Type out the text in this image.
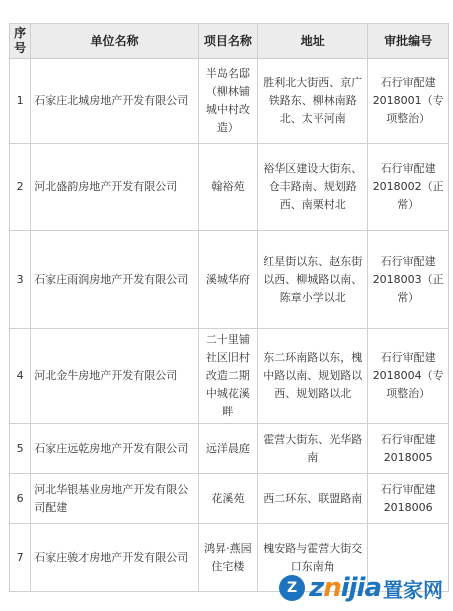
序号	单位名称	项目名称	地址	审批编号
1	石家庄北城房地产开发有限公司	半岛名邸（柳林铺城中村改造）	胜利北大街西、京广铁路东、柳林南路北、太平河南	石行审配建2018001（专项整治）
2	河北盛韵房地产开发有限公司	翰裕苑	裕华区建设大街东、仓丰路南、规划路西、南栗村北	石行审配建2018002（正常）
3	石家庄雨润房地产开发有限公司	溪城华府	红星街以东、赵东街以西、柳城路以南、陈章小学以北	石行审配建2018003（正常）
4	河北金牛房地产开发有限公司	二十里铺社区旧村改造二期中城花溪畔	东二环南路以东，槐中路以南、规划路以西、规划路以北	石行审配建2018004（专项整治）
5	石家庄远乾房地产开发有限公司	远洋晨庭	霍营大街东、光华路南	石行审配建2018005
6	河北华银基业房地产开发有限公司配建	花溪苑	西二环东、联盟路南	石行审配建2018006
7	石家庄骏才房地产开发有限公司	鸿昇·燕园住宅楼	槐安路与霍营大街交口东南角	
Z znijia 置家网
